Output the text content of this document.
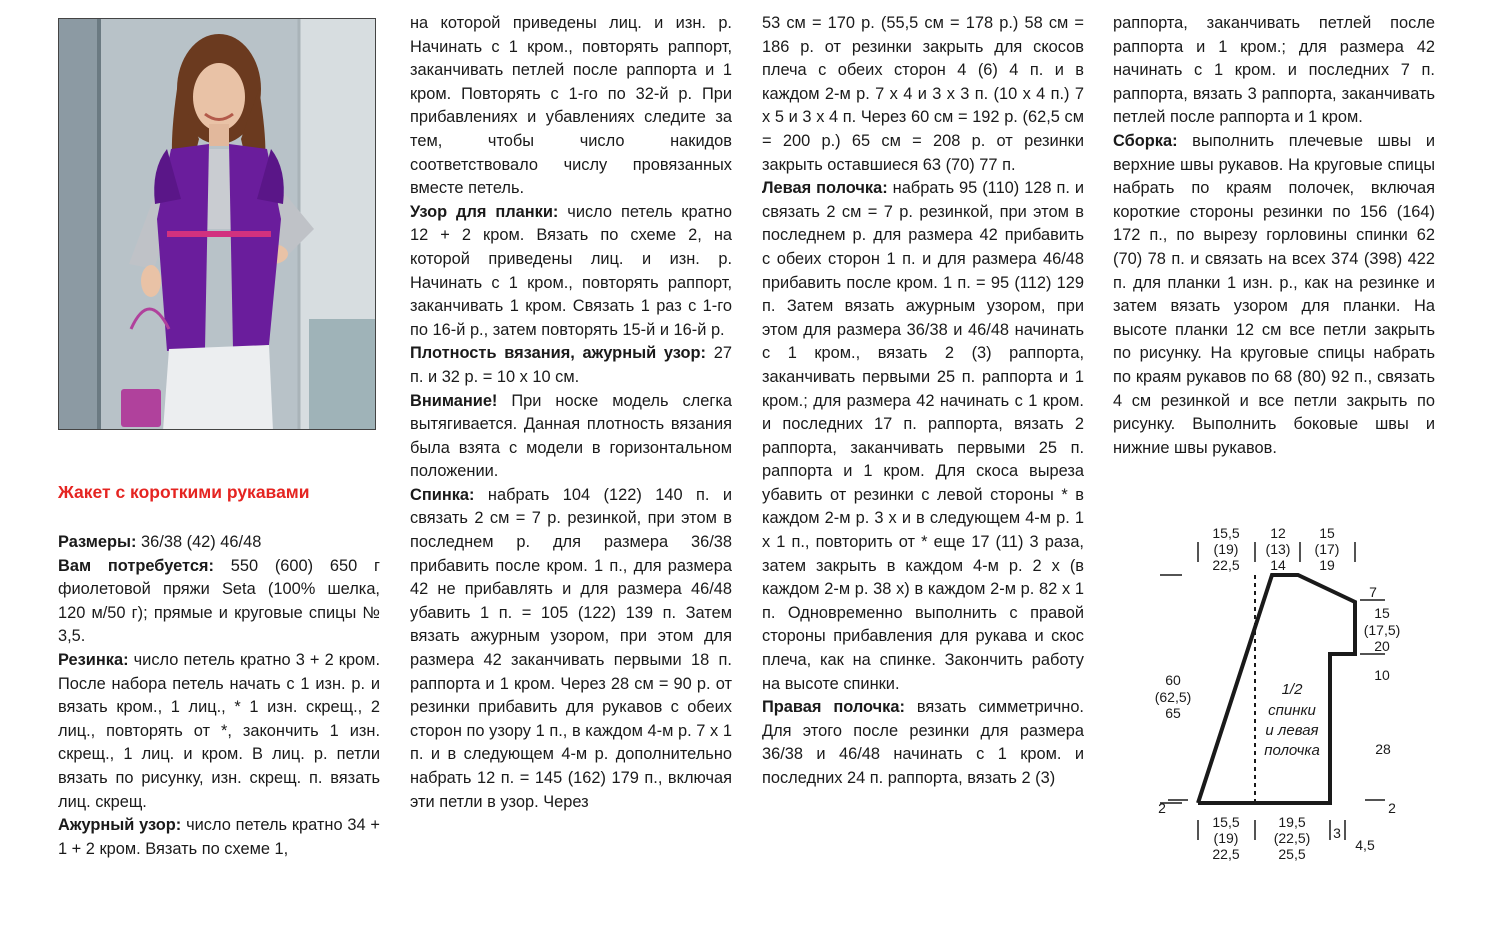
Жакет с короткими рукавами

Размеры: 36/38 (42) 46/48

Вам потребуется: 550 (600) 650 г фиолетовой пряжи Seta (100% шелка, 120 м/50 г); прямые и круговые спицы № 3,5.

Резинка: число петель кратно 3 + 2 кром. После набора петель начать с 1 изн. р. и вязать кром., 1 лиц., * 1 изн. скрещ., 2 лиц., повторять от *, закончить 1 изн. скрещ., 1 лиц. и кром. В лиц. р. петли вязать по рисунку, изн. скрещ. п. вязать лиц. скрещ.

Ажурный узор: число петель кратно 34 + 1 + 2 кром. Вязать по схеме 1,

на которой приведены лиц. и изн. р. Начинать с 1 кром., повторять раппорт, заканчивать петлей после раппорта и 1 кром. Повторять с 1-го по 32-й р. При прибавлениях и убавлениях следите за тем, чтобы число накидов соответствовало числу провязанных вместе петель.

Узор для планки: число петель кратно 12 + 2 кром. Вязать по схеме 2, на которой приведены лиц. и изн. р. Начинать с 1 кром., повторять раппорт, заканчивать 1 кром. Связать 1 раз с 1-го по 16-й р., затем повторять 15-й и 16-й р.

Плотность вязания, ажурный узор: 27 п. и 32 р. = 10 х 10 см.

Внимание! При носке модель слегка вытягивается. Данная плотность вязания была взята с модели в горизонтальном положении.

Спинка: набрать 104 (122) 140 п. и связать 2 см = 7 р. резинкой, при этом в последнем р. для размера 36/38 прибавить после кром. 1 п., для размера 42 не прибавлять и для размера 46/48 убавить 1 п. = 105 (122) 139 п. Затем вязать ажурным узором, при этом для размера 42 заканчивать первыми 18 п. раппорта и 1 кром. Через 28 см = 90 р. от резинки прибавить для рукавов с обеих сторон по узору 1 п., в каждом 4-м р. 7 х 1 п. и в следующем 4-м р. дополнительно набрать 12 п. = 145 (162) 179 п., включая эти петли в узор. Через

53 см = 170 р. (55,5 см = 178 р.) 58 см = 186 р. от резинки закрыть для скосов плеча с обеих сторон 4 (6) 4 п. и в каждом 2-м р. 7 х 4 и 3 х 3 п. (10 х 4 п.) 7 х 5 и 3 х 4 п. Через 60 см = 192 р. (62,5 см = 200 р.) 65 см = 208 р. от резинки закрыть оставшиеся 63 (70) 77 п.

Левая полочка: набрать 95 (110) 128 п. и связать 2 см = 7 р. резинкой, при этом в последнем р. для размера 42 прибавить с обеих сторон 1 п. и для размера 46/48 прибавить после кром. 1 п. = 95 (112) 129 п. Затем вязать ажурным узором, при этом для размера 36/38 и 46/48 начинать с 1 кром., вязать 2 (3) раппорта, заканчивать первыми 25 п. раппорта и 1 кром.; для размера 42 начинать с 1 кром. и последних 17 п. раппорта, вязать 2 раппорта, заканчивать первыми 25 п. раппорта и 1 кром. Для скоса выреза убавить от резинки с левой стороны * в каждом 2-м р. 3 х и в следующем 4-м р. 1 х 1 п., повторить от * еще 17 (11) 3 раза, затем закрыть в каждом 4-м р. 2 х (в каждом 2-м р. 38 х) в каждом 2-м р. 82 х 1 п. Одновременно выполнить с правой стороны прибавления для рукава и скос плеча, как на спинке. Закончить работу на высоте спинки.

Правая полочка: вязать симметрично. Для этого после резинки для размера 36/38 и 46/48 начинать с 1 кром. и последних 24 п. раппорта, вязать 2 (3)

раппорта, заканчивать петлей после раппорта и 1 кром.; для размера 42 начинать с 1 кром. и последних 7 п. раппорта, вязать 3 раппорта, заканчивать петлей после раппорта и 1 кром.

Сборка: выполнить плечевые швы и верхние швы рукавов. На круговые спицы набрать по краям полочек, включая короткие стороны резинки по 156 (164) 172 п., по вырезу горловины спинки 62 (70) 78 п. и связать на всех 374 (398) 422 п. для планки 1 изн. р., как на резинке и затем вязать узором для планки. На высоте планки 12 см все петли закрыть по рисунку. На круговые спицы набрать по краям рукавов по 68 (80) 92 п., связать 4 см резинкой и все петли закрыть по рисунку. Выполнить боковые швы и нижние швы рукавов.

15,5
(19)
22,5
12
(13)
14
15
(17)
19
7
15
(17,5)
20
10
28
60
(62,5)
65
1/2
спинки
и левая
полочка
2	2
15,5
(19)
22,5
19,5
(22,5)
25,5
3
4,5
